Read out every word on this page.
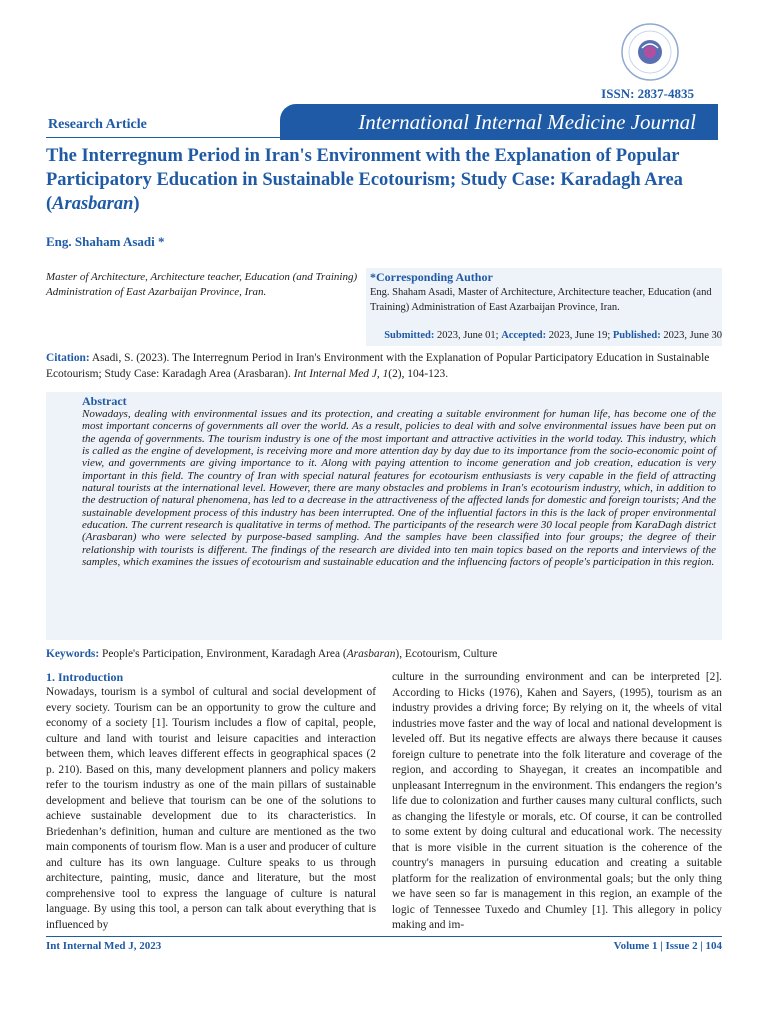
ISSN: 2837-4835
Research Article	International Internal Medicine Journal
The Interregnum Period in Iran's Environment with the Explanation of Popular Participatory Education in Sustainable Ecotourism; Study Case: Karadagh Area (Arasbaran)
Eng. Shaham Asadi *
Master of Architecture, Architecture teacher, Education (and Training) Administration of East Azarbaijan Province, Iran.
*Corresponding Author
Eng. Shaham Asadi, Master of Architecture, Architecture teacher, Education (and Training) Administration of East Azarbaijan Province, Iran.
Submitted: 2023, June 01; Accepted: 2023, June 19; Published: 2023, June 30
Citation: Asadi, S. (2023). The Interregnum Period in Iran's Environment with the Explanation of Popular Participatory Education in Sustainable Ecotourism; Study Case: Karadagh Area (Arasbaran). Int Internal Med J, 1(2), 104-123.
Abstract
Nowadays, dealing with environmental issues and its protection, and creating a suitable environment for human life, has become one of the most important concerns of governments all over the world. As a result, policies to deal with and solve environmental issues have been put on the agenda of governments. The tourism industry is one of the most important and attractive activities in the world today. This industry, which is called as the engine of development, is receiving more and more attention day by day due to its importance from the socio-economic point of view, and governments are giving importance to it. Along with paying attention to income generation and job creation, education is very important in this field. The country of Iran with special natural features for ecotourism enthusiasts is very capable in the field of attracting natural tourists at the international level. However, there are many obstacles and problems in Iran's ecotourism industry, which, in addition to the destruction of natural phenomena, has led to a decrease in the attractiveness of the affected lands for domestic and foreign tourists; And the sustainable development process of this industry has been interrupted. One of the influential factors in this is the lack of proper environmental education. The current research is qualitative in terms of method. The participants of the research were 30 local people from KaraDagh district (Arasbaran) who were selected by purpose-based sampling. And the samples have been classified into four groups; the degree of their relationship with tourists is different. The findings of the research are divided into ten main topics based on the reports and interviews of the samples, which examines the issues of ecotourism and sustainable education and the influencing factors of people's participation in this region.
Keywords: People's Participation, Environment, Karadagh Area (Arasbaran), Ecotourism, Culture
1. Introduction
Nowadays, tourism is a symbol of cultural and social development of every society. Tourism can be an opportunity to grow the culture and economy of a society [1]. Tourism includes a flow of capital, people, culture and land with tourist and leisure capacities and interaction between them, which leaves different effects in geographical spaces (2 p. 210). Based on this, many development planners and policy makers refer to the tourism industry as one of the main pillars of sustainable development and believe that tourism can be one of the solutions to achieve sustainable development due to its characteristics. In Briedenhan’s definition, human and culture are mentioned as the two main components of tourism flow. Man is a user and producer of culture and culture has its own language. Culture speaks to us through architecture, painting, music, dance and literature, but the most comprehensive tool to express the language of culture is natural language. By using this tool, a person can talk about everything that is influenced by
culture in the surrounding environment and can be interpreted [2]. According to Hicks (1976), Kahen and Sayers, (1995), tourism as an industry provides a driving force; By relying on it, the wheels of vital industries move faster and the way of local and national development is leveled off. But its negative effects are always there because it causes foreign culture to penetrate into the folk literature and coverage of the region, and according to Shayegan, it creates an incompatible and unpleasant Interregnum in the environment. This endangers the region’s life due to colonization and further causes many cultural conflicts, such as changing the lifestyle or morals, etc. Of course, it can be controlled to some extent by doing cultural and educational work. The necessity that is more visible in the current situation is the coherence of the country's managers in pursuing education and creating a suitable platform for the realization of environmental goals; but the only thing we have seen so far is management in this region, an example of the logic of Tennessee Tuxedo and Chumley [1]. This allegory in policy making and im-
Int Internal Med J, 2023	Volume 1 | Issue 2 | 104
